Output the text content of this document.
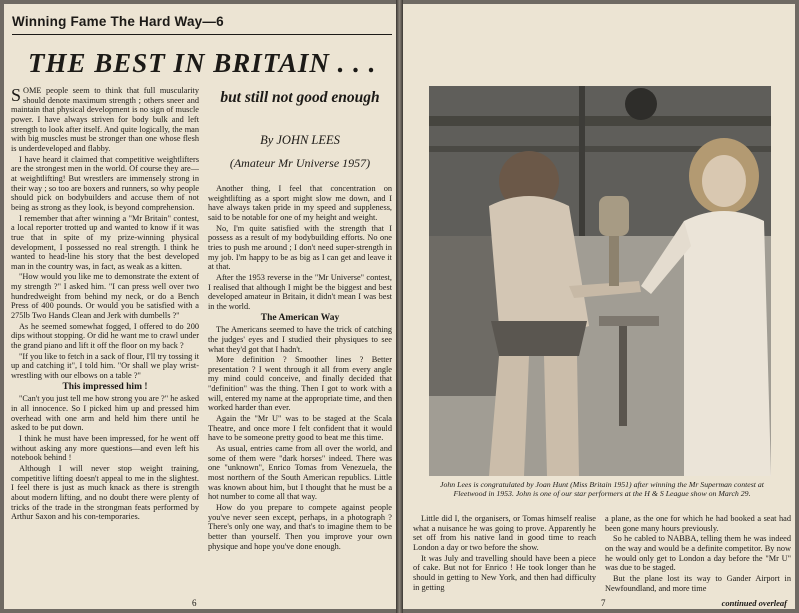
Winning Fame The Hard Way—6
THE BEST IN BRITAIN . . .
but still not good enough
By JOHN LEES
(Amateur Mr Universe 1957)

SOME people seem to think that full muscularity should denote maximum strength ; others sneer and maintain that physical development is no sign of muscle power. I have always striven for body bulk and left strength to look after itself. And quite logically, the man with big muscles must be stronger than one whose flesh is underdeveloped and flabby.

I have heard it claimed that competitive weightlifters are the strongest men in the world. Of course they are—at weightlifting! But wrestlers are immensely strong in their way ; so too are boxers and runners, so why people should pick on bodybuilders and accuse them of not being as strong as they look, is beyond comprehension.

I remember that after winning a "Mr Britain" contest, a local reporter trotted up and wanted to know if it was true that in spite of my prize-winning physical development, I possessed no real strength. I think he wanted to head-line his story that the best developed man in the country was, in fact, as weak as a kitten.

"How would you like me to demonstrate the extent of my strength ?" I asked him. "I can press well over two hundredweight from behind my neck, or do a Bench Press of 400 pounds. Or would you be satisfied with a 275lb Two Hands Clean and Jerk with dumbells ?"

As he seemed somewhat fogged, I offered to do 200 dips without stopping. Or did he want me to crawl under the grand piano and lift it off the floor on my back ?

"If you like to fetch in a sack of flour, I'll try tossing it up and catching it", I told him. "Or shall we play wrist-wrestling with our elbows on a table ?"

This impressed him !

"Can't you just tell me how strong you are ?" he asked in all innocence. So I picked him up and pressed him overhead with one arm and held him there until he asked to be put down.

I think he must have been impressed, for he went off without asking any more questions—and even left his notebook behind !

Although I will never stop weight training, competitive lifting doesn't appeal to me in the slightest. I feel there is just as much knack as there is strength about modern lifting, and no doubt there were plenty of tricks of the trade in the strongman feats performed by Arthur Saxon and his con-temporaries.

Another thing, I feel that concentration on weightlifting as a sport might slow me down, and I have always taken pride in my speed and suppleness, said to be notable for one of my height and weight.

No, I'm quite satisfied with the strength that I possess as a result of my bodybuilding efforts. No one tries to push me around ; I don't need super-strength in my job. I'm happy to be as big as I can get and leave it at that.

After the 1953 reverse in the "Mr Universe" contest, I realised that although I might be the biggest and best developed amateur in Britain, it didn't mean I was best in the world.

The American Way

The Americans seemed to have the trick of catching the judges' eyes and I studied their physiques to see what they'd got that I hadn't.

More definition ? Smoother lines ? Better presentation ? I went through it all from every angle my mind could conceive, and finally decided that "definition" was the thing. Then I got to work with a will, entered my name at the appropriate time, and then worked harder than ever.

Again the "Mr U" was to be staged at the Scala Theatre, and once more I felt confident that it would have to be someone pretty good to beat me this time.

As usual, entries came from all over the world, and some of them were "dark horses" indeed. There was one "unknown", Enrico Tomas from Venezuela, the most northern of the South American republics. Little was known about him, but I thought that he must be a hot number to come all that way.

How do you prepare to compete against people you've never seen except, perhaps, in a photograph ? There's only one way, and that's to imagine them to be better than yourself. Then you improve your own physique and hope you've done enough.

6
John Lees is congratulated by Joan Hunt (Miss Britain 1951) after winning the Mr Superman contest at Fleetwood in 1953. John is one of our star performers at the H & S League show on March 29.

Little did I, the organisers, or Tomas himself realise what a nuisance he was going to prove. Apparently he set off from his native land in good time to reach London a day or two before the show.

It was July and travelling should have been a piece of cake. But not for Enrico ! He took longer than he should in getting to New York, and then had difficulty in getting

a plane, as the one for which he had booked a seat had been gone many hours previously.

So he cabled to NABBA, telling them he was indeed on the way and would be a definite competitor. By now he would only get to London a day before the "Mr U" was due to be staged.

But the plane lost its way to Gander Airport in Newfoundland, and more time

7	continued overleaf
